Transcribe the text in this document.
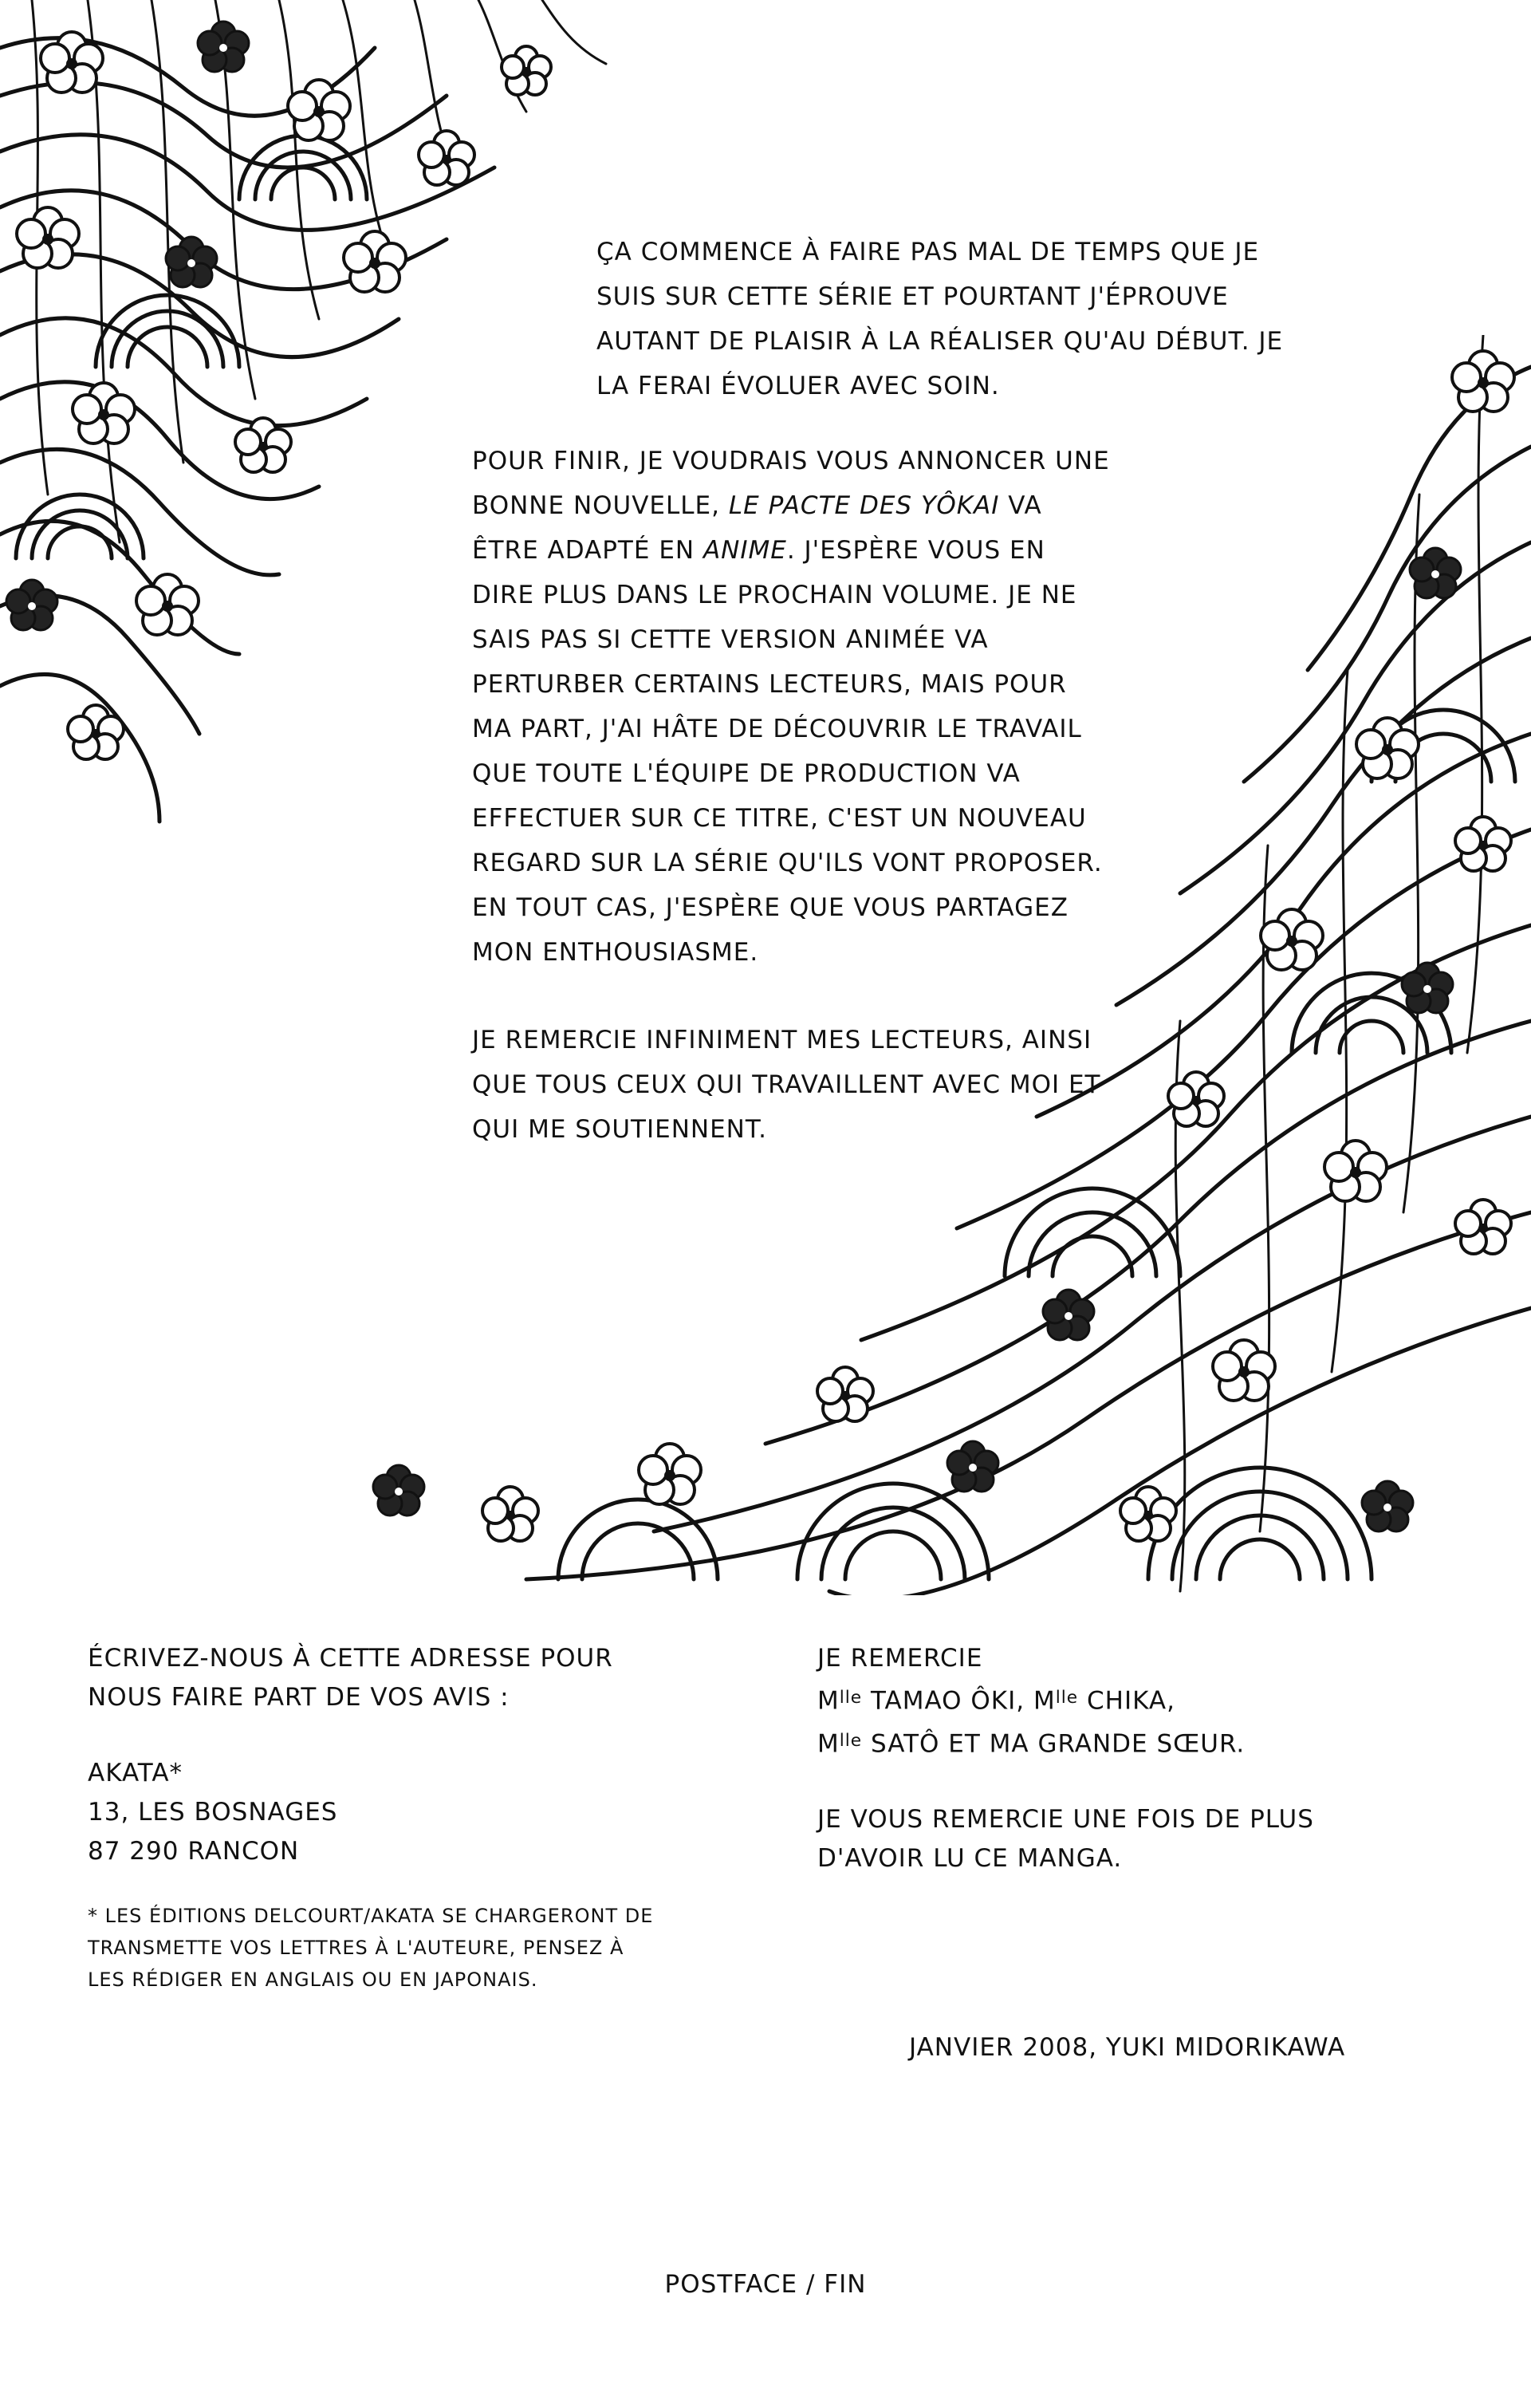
ÇA COMMENCE À FAIRE PAS MAL DE TEMPS QUE JE SUIS SUR CETTE SÉRIE ET POURTANT J'ÉPROUVE AUTANT DE PLAISIR À LA RÉALISER QU'AU DÉBUT. JE LA FERAI ÉVOLUER AVEC SOIN.

POUR FINIR, JE VOUDRAIS VOUS ANNONCER UNE BONNE NOUVELLE, LE PACTE DES YÔKAI VA ÊTRE ADAPTÉ EN ANIME. J'ESPÈRE VOUS EN DIRE PLUS DANS LE PROCHAIN VOLUME. JE NE SAIS PAS SI CETTE VERSION ANIMÉE VA PERTURBER CERTAINS LECTEURS, MAIS POUR MA PART, J'AI HÂTE DE DÉCOUVRIR LE TRAVAIL QUE TOUTE L'ÉQUIPE DE PRODUCTION VA EFFECTUER SUR CE TITRE, C'EST UN NOUVEAU REGARD SUR LA SÉRIE QU'ILS VONT PROPOSER. EN TOUT CAS, J'ESPÈRE QUE VOUS PARTAGEZ MON ENTHOUSIASME.

JE REMERCIE INFINIMENT MES LECTEURS, AINSI QUE TOUS CEUX QUI TRAVAILLENT AVEC MOI ET QUI ME SOUTIENNENT.

ÉCRIVEZ-NOUS À CETTE ADRESSE POUR

NOUS FAIRE PART DE VOS AVIS :

AKATA*

13, LES BOSNAGES

87 290 RANCON

* LES ÉDITIONS DELCOURT/AKATA SE CHARGERONT DE TRANSMETTE VOS LETTRES À L'AUTEURE, PENSEZ À LES RÉDIGER EN ANGLAIS OU EN JAPONAIS.

JE REMERCIE

$M^{lle}$ TAMAO ÔKI, $M^{lle}$ CHIKA,

$M^{lle}$ SATÔ ET MA GRANDE SŒUR.

JE VOUS REMERCIE UNE FOIS DE PLUS

D'AVOIR LU CE MANGA.

JANVIER 2008, YUKI MIDORIKAWA
POSTFACE / FIN
